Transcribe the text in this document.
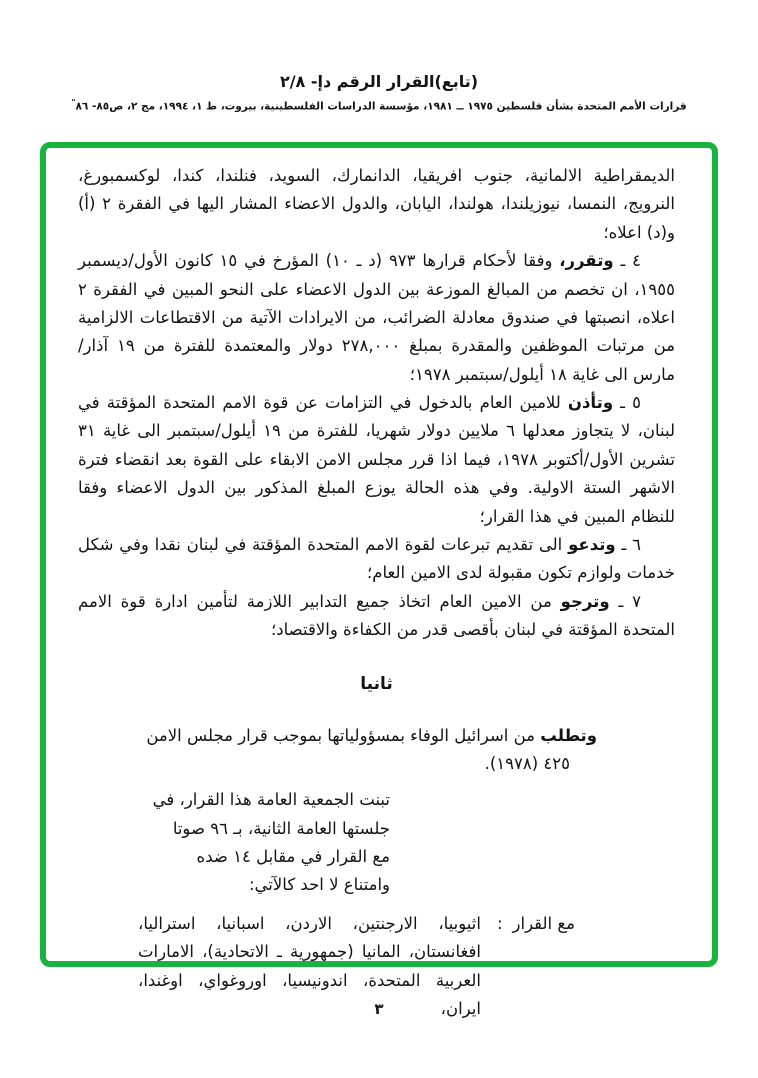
(تابع)القرار الرقم دإ- ٢/٨
قرارات الأمم المتحدة بشأن فلسطين ١٩٧٥ ــ ١٩٨١، مؤسسة الدراسات الفلسطينية، بيروت، ط ١، ١٩٩٤، مج ٢، ص٨٥- ٨٦"

الديمقراطية الالمانية، جنوب افريقيا، الدانمارك، السويد، فنلندا، كندا، لوكسمبورغ، النرويج، النمسا، نيوزيلندا، هولندا، اليابان، والدول الاعضاء المشار اليها في الفقرة ٢ (أ) و(د) اعلاه؛

٤ ـ وتقرر، وفقا لأحكام قرارها ٩٧٣ (د ـ ١٠) المؤرخ في ١٥ كانون الأول/ديسمبر ١٩٥٥، ان تخصم من المبالغ الموزعة بين الدول الاعضاء على النحو المبين في الفقرة ٢ اعلاه، انصبتها في صندوق معادلة الضرائب، من الايرادات الآتية من الاقتطاعات الالزامية من مرتبات الموظفين والمقدرة بمبلغ ٢٧٨,٠٠٠ دولار والمعتمدة للفترة من ١٩ آذار/مارس الى غاية ١٨ أيلول/سبتمبر ١٩٧٨؛

٥ ـ وتأذن للامين العام بالدخول في التزامات عن قوة الامم المتحدة المؤقتة في لبنان، لا يتجاوز معدلها ٦ ملايين دولار شهريا، للفترة من ١٩ أيلول/سبتمبر الى غاية ٣١ تشرين الأول/أكتوبر ١٩٧٨، فيما اذا قرر مجلس الامن الابقاء على القوة بعد انقضاء فترة الاشهر الستة الاولية. وفي هذه الحالة يوزع المبلغ المذكور بين الدول الاعضاء وفقا للنظام المبين في هذا القرار؛

٦ ـ وتدعو الى تقديم تبرعات لقوة الامم المتحدة المؤقتة في لبنان نقدا وفي شكل خدمات ولوازم تكون مقبولة لدى الامين العام؛

٧ ـ وترجو من الامين العام اتخاذ جميع التدابير اللازمة لتأمين ادارة قوة الامم المتحدة المؤقتة في لبنان بأقصى قدر من الكفاءة والاقتصاد؛

ثانيا

وتطلب من اسرائيل الوفاء بمسؤولياتها بموجب قرار مجلس الامن

٤٢٥ (١٩٧٨).
تبنت الجمعية العامة هذا القرار، في
جلستها العامة الثانية، بـ ٩٦ صوتا
مع القرار في مقابل ١٤ ضده
وامتناع لا احد كالآتي:
مع القرار:
اثيوبيا، الارجنتين، الاردن، اسبانيا، استراليا، افغانستان، المانيا (جمهورية ـ الاتحادية)، الامارات العربية المتحدة، اندونيسيا، اوروغواي، اوغندا، ايران،
٣
